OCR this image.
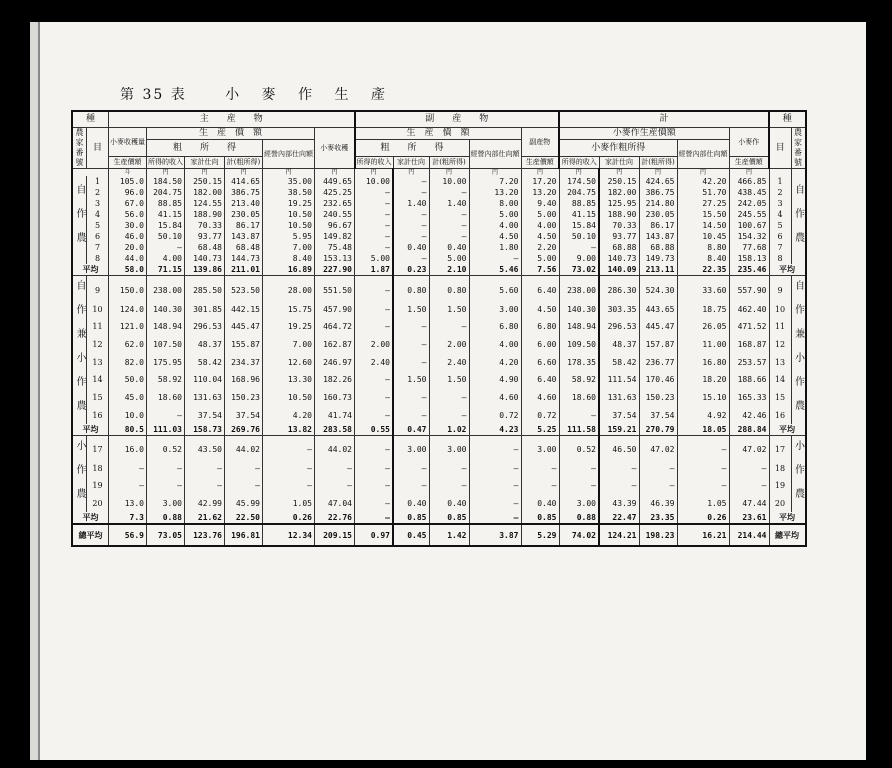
第 35 表	小 麥 作 生 產
種		主　　産　　物						副　　産　　物					計					種	
農家番號	目	小麥收穫量	生　産　價　額				小麥收穫	生　産　價　額				副産物	小麥作生産價額				小麥作	目	農家番號
			粗　　所　　得			經營內部仕向額		粗　　所　　得			經營內部仕向額		小麥作粗所得			經營內部仕向額			
		生産價額	所得的收入	家計仕向	計(粗所得)			所得的收入	家計仕向	計(粗所得)		生産價額	所得的收入	家計仕向	計(粗所得)		生産價額		
		斗	円	円	円	円	円	円	円	円	円	円	円	円	円	円	円		
自作農	1	105.0	184.50	250.15	414.65	35.00	449.65	10.00	—	10.00	7.20	17.20	174.50	250.15	424.65	42.20	466.85	1	自作農
	2	96.0	204.75	182.00	386.75	38.50	425.25	—	—	—	13.20	13.20	204.75	182.00	386.75	51.70	438.45	2	
	3	67.0	88.85	124.55	213.40	19.25	232.65	—	1.40	1.40	8.00	9.40	88.85	125.95	214.80	27.25	242.05	3	
	4	56.0	41.15	188.90	230.05	10.50	240.55	—	—	—	5.00	5.00	41.15	188.90	230.05	15.50	245.55	4	
	5	30.0	15.84	70.33	86.17	10.50	96.67	—	—	—	4.00	4.00	15.84	70.33	86.17	14.50	100.67	5	
	6	46.0	50.10	93.77	143.87	5.95	149.82	—	—	—	4.50	4.50	50.10	93.77	143.87	10.45	154.32	6	
	7	20.0	—	68.48	68.48	7.00	75.48	—	0.40	0.40	1.80	2.20	—	68.88	68.88	8.80	77.68	7	
	8	44.0	4.00	140.73	144.73	8.40	153.13	5.00	—	5.00	—	5.00	9.00	140.73	149.73	8.40	158.13	8	
平均		58.0	71.15	139.86	211.01	16.89	227.90	1.87	0.23	2.10	5.46	7.56	73.02	140.09	213.11	22.35	235.46	平均	
自作兼小作農	9	150.0	238.00	285.50	523.50	28.00	551.50	—	0.80	0.80	5.60	6.40	238.00	286.30	524.30	33.60	557.90	9	自作兼小作農
	10	124.0	140.30	301.85	442.15	15.75	457.90	—	1.50	1.50	3.00	4.50	140.30	303.35	443.65	18.75	462.40	10	
	11	121.0	148.94	296.53	445.47	19.25	464.72	—	—	—	6.80	6.80	148.94	296.53	445.47	26.05	471.52	11	
	12	62.0	107.50	48.37	155.87	7.00	162.87	2.00	—	2.00	4.00	6.00	109.50	48.37	157.87	11.00	168.87	12	
	13	82.0	175.95	58.42	234.37	12.60	246.97	2.40	—	2.40	4.20	6.60	178.35	58.42	236.77	16.80	253.57	13	
	14	50.0	58.92	110.04	168.96	13.30	182.26	—	1.50	1.50	4.90	6.40	58.92	111.54	170.46	18.20	188.66	14	
	15	45.0	18.60	131.63	150.23	10.50	160.73	—	—	—	4.60	4.60	18.60	131.63	150.23	15.10	165.33	15	
	16	10.0	—	37.54	37.54	4.20	41.74	—	—	—	0.72	0.72	—	37.54	37.54	4.92	42.46	16	
平均		80.5	111.03	158.73	269.76	13.82	283.58	0.55	0.47	1.02	4.23	5.25	111.58	159.21	270.79	18.05	288.84	平均	
小作農	17	16.0	0.52	43.50	44.02	—	44.02	—	3.00	3.00	—	3.00	0.52	46.50	47.02	—	47.02	17	小作農
	18	—	—	—	—	—	—	—	—	—	—	—	—	—	—	—	—	18	
	19	—	—	—	—	—	—	—	—	—	—	—	—	—	—	—	—	19	
	20	13.0	3.00	42.99	45.99	1.05	47.04	—	0.40	0.40	—	0.40	3.00	43.39	46.39	1.05	47.44	20	
平均		7.3	0.88	21.62	22.50	0.26	22.76	—	0.85	0.85	—	0.85	0.88	22.47	23.35	0.26	23.61	平均	
總平均		56.9	73.05	123.76	196.81	12.34	209.15	0.97	0.45	1.42	3.87	5.29	74.02	124.21	198.23	16.21	214.44	總平均	
